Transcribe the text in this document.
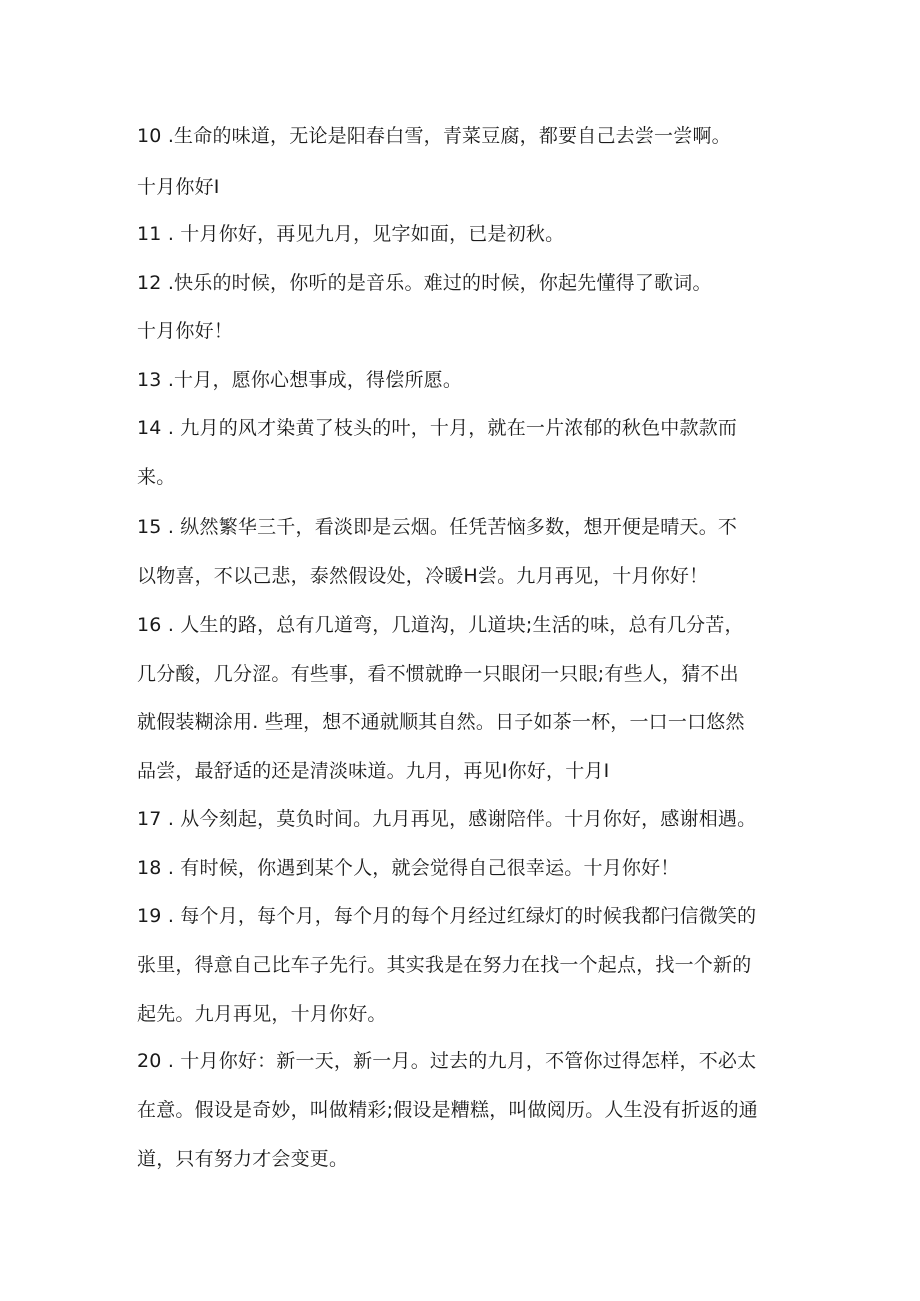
10 .生命的味道，无论是阳春白雪，青菜豆腐，都要自己去尝一尝啊。
十月你好I
11 . 十月你好，再见九月，见字如面，已是初秋。
12 .快乐的时候，你听的是音乐。难过的时候，你起先懂得了歌词。
十月你好！
13 .十月，愿你心想事成，得偿所愿。
14 . 九月的风才染黄了枝头的叶，十月，就在一片浓郁的秋色中款款而
来。
15 . 纵然繁华三千，看淡即是云烟。任凭苦恼多数，想开便是晴天。不
以物喜，不以己悲，泰然假设处，冷暖H尝。九月再见，十月你好！
16 . 人生的路，总有几道弯，几道沟，儿道块;生活的味，总有几分苦，
几分酸，几分涩。有些事，看不惯就睁一只眼闭一只眼;有些人，猜不出
就假装糊涂用. 些理，想不通就顺其自然。日子如茶一杯，一口一口悠然
品尝，最舒适的还是清淡味道。九月，再见I你好，十月I
17 . 从今刻起，莫负时间。九月再见，感谢陪伴。十月你好，感谢相遇。
18 . 有时候，你遇到某个人，就会觉得自己很幸运。十月你好！
19 . 每个月，每个月，每个月的每个月经过红绿灯的时候我都闩信微笑的
张里，得意自己比车子先行。其实我是在努力在找一个起点，找一个新的
起先。九月再见，十月你好。
20 . 十月你好：新一天，新一月。过去的九月，不管你过得怎样，不必太
在意。假设是奇妙，叫做精彩;假设是糟糕，叫做阅历。人生没有折返的通
道，只有努力才会变更。
